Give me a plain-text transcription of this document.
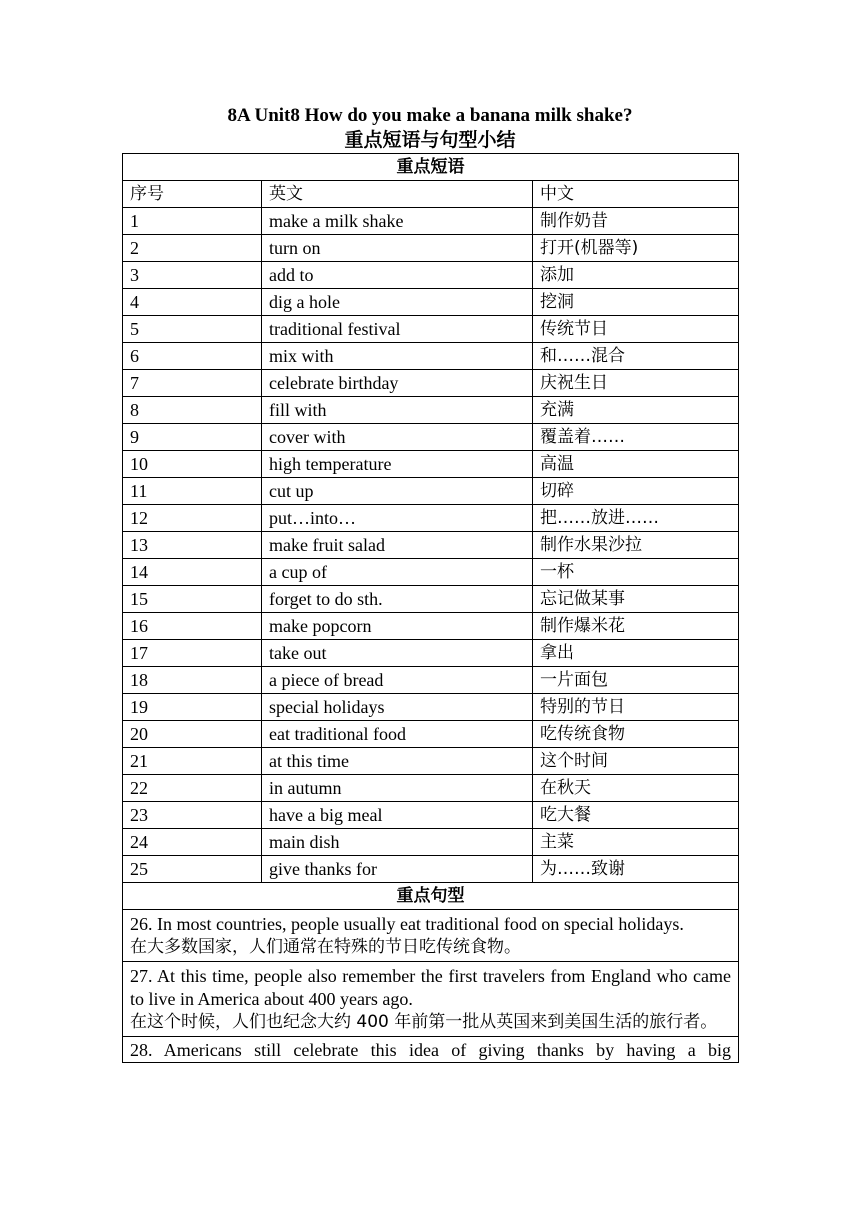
8A Unit8 How do you make a banana milk shake?
重点短语与句型小结
重点短语		
序号	英文	中文
1	make a milk shake	制作奶昔
2	turn on	打开(机器等)
3	add to	添加
4	dig a hole	挖洞
5	traditional festival	传统节日
6	mix with	和……混合
7	celebrate birthday	庆祝生日
8	fill with	充满
9	cover with	覆盖着……
10	high temperature	高温
11	cut up	切碎
12	put…into…	把……放进……
13	make fruit salad	制作水果沙拉
14	a cup of	一杯
15	forget to do sth.	忘记做某事
16	make popcorn	制作爆米花
17	take out	拿出
18	a piece of bread	一片面包
19	special holidays	特别的节日
20	eat traditional food	吃传统食物
21	at this time	这个时间
22	in autumn	在秋天
23	have a big meal	吃大餐
24	main dish	主菜
25	give thanks for	为……致谢
重点句型		

26. In most countries, people usually eat traditional food on special holidays.
在大多数国家，人们通常在特殊的节日吃传统食物。		

27. At this time, people also remember the first travelers from England who came to live in America about 400 years ago.
在这个时候，人们也纪念大约 400 年前第一批从英国来到美国生活的旅行者。		

28. Americans still celebrate this idea of giving thanks by having a big		
